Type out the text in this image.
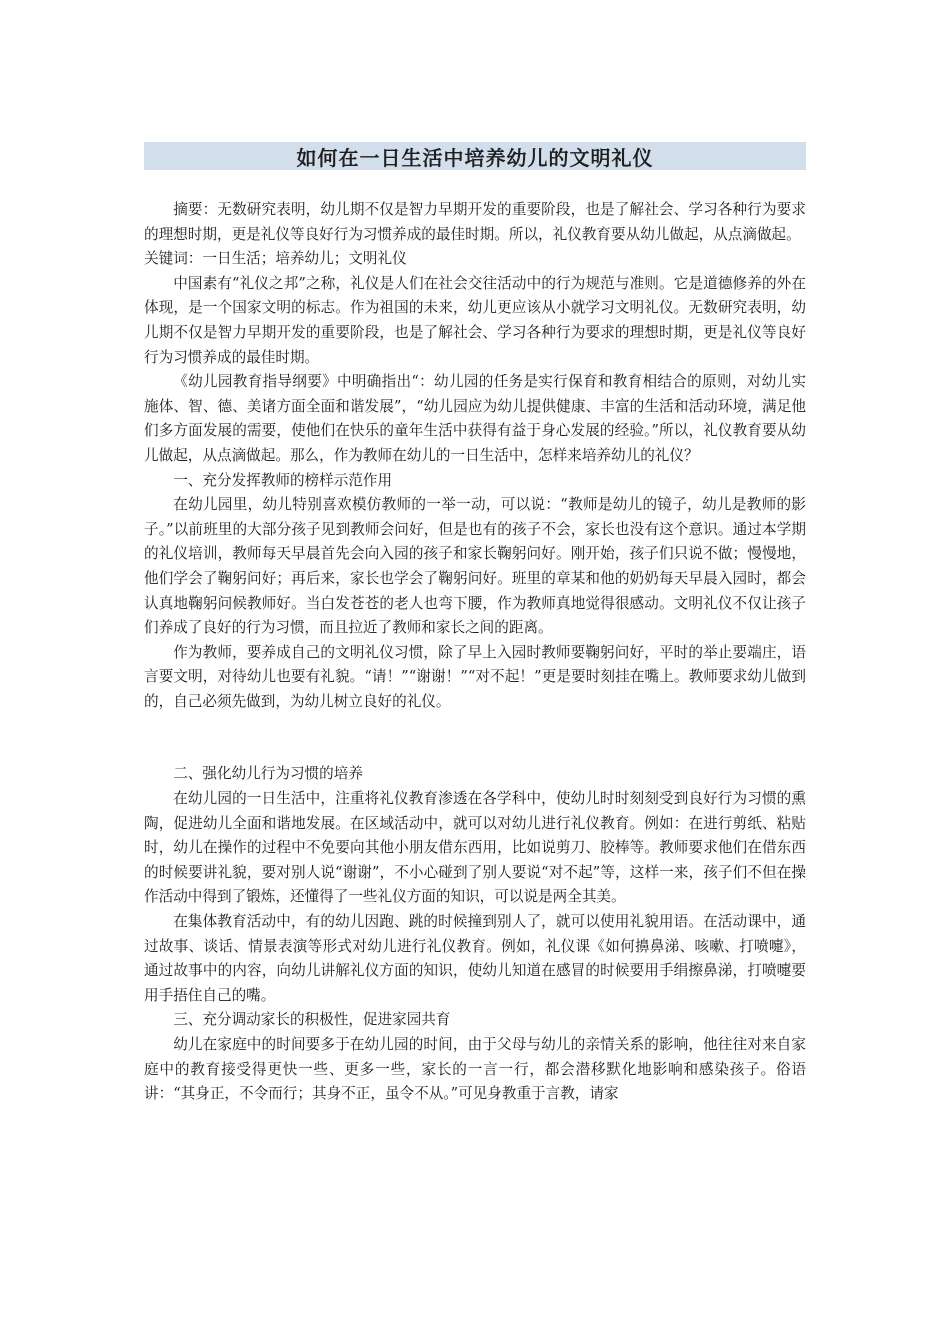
如何在一日生活中培养幼儿的文明礼仪

摘要：无数研究表明，幼儿期不仅是智力早期开发的重要阶段，也是了解社会、学习各种行为要求的理想时期，更是礼仪等良好行为习惯养成的最佳时期。所以，礼仪教育要从幼儿做起，从点滴做起。

关键词：一日生活；培养幼儿；文明礼仪

中国素有“礼仪之邦”之称，礼仪是人们在社会交往活动中的行为规范与准则。它是道德修养的外在体现，是一个国家文明的标志。作为祖国的未来，幼儿更应该从小就学习文明礼仪。无数研究表明，幼儿期不仅是智力早期开发的重要阶段，也是了解社会、学习各种行为要求的理想时期，更是礼仪等良好行为习惯养成的最佳时期。

《幼儿园教育指导纲要》中明确指出“：幼儿园的任务是实行保育和教育相结合的原则，对幼儿实施体、智、德、美诸方面全面和谐发展”，“幼儿园应为幼儿提供健康、丰富的生活和活动环境，满足他们多方面发展的需要，使他们在快乐的童年生活中获得有益于身心发展的经验。”所以，礼仪教育要从幼儿做起，从点滴做起。那么，作为教师在幼儿的一日生活中，怎样来培养幼儿的礼仪？

一、充分发挥教师的榜样示范作用

在幼儿园里，幼儿特别喜欢模仿教师的一举一动，可以说：“教师是幼儿的镜子，幼儿是教师的影子。”以前班里的大部分孩子见到教师会问好，但是也有的孩子不会，家长也没有这个意识。通过本学期的礼仪培训，教师每天早晨首先会向入园的孩子和家长鞠躬问好。刚开始，孩子们只说不做；慢慢地，他们学会了鞠躬问好；再后来，家长也学会了鞠躬问好。班里的章某和他的奶奶每天早晨入园时，都会认真地鞠躬问候教师好。当白发苍苍的老人也弯下腰，作为教师真地觉得很感动。文明礼仪不仅让孩子们养成了良好的行为习惯，而且拉近了教师和家长之间的距离。

作为教师，要养成自己的文明礼仪习惯，除了早上入园时教师要鞠躬问好，平时的举止要端庄，语言要文明，对待幼儿也要有礼貌。“请！”“谢谢！”“对不起！”更是要时刻挂在嘴上。教师要求幼儿做到的，自己必须先做到，为幼儿树立良好的礼仪。

二、强化幼儿行为习惯的培养

在幼儿园的一日生活中，注重将礼仪教育渗透在各学科中，使幼儿时时刻刻受到良好行为习惯的熏陶，促进幼儿全面和谐地发展。在区域活动中，就可以对幼儿进行礼仪教育。例如：在进行剪纸、粘贴时，幼儿在操作的过程中不免要向其他小朋友借东西用，比如说剪刀、胶棒等。教师要求他们在借东西的时候要讲礼貌，要对别人说“谢谢”，不小心碰到了别人要说“对不起”等，这样一来，孩子们不但在操作活动中得到了锻炼，还懂得了一些礼仪方面的知识，可以说是两全其美。

在集体教育活动中，有的幼儿因跑、跳的时候撞到别人了，就可以使用礼貌用语。在活动课中，通过故事、谈话、情景表演等形式对幼儿进行礼仪教育。例如，礼仪课《如何擤鼻涕、咳嗽、打喷嚏》，通过故事中的内容，向幼儿讲解礼仪方面的知识，使幼儿知道在感冒的时候要用手绢擦鼻涕，打喷嚏要用手捂住自己的嘴。

三、充分调动家长的积极性，促进家园共育

幼儿在家庭中的时间要多于在幼儿园的时间，由于父母与幼儿的亲情关系的影响，他往往对来自家庭中的教育接受得更快一些、更多一些，家长的一言一行，都会潜移默化地影响和感染孩子。俗语讲：“其身正，不令而行；其身不正，虽令不从。”可见身教重于言教，请家
